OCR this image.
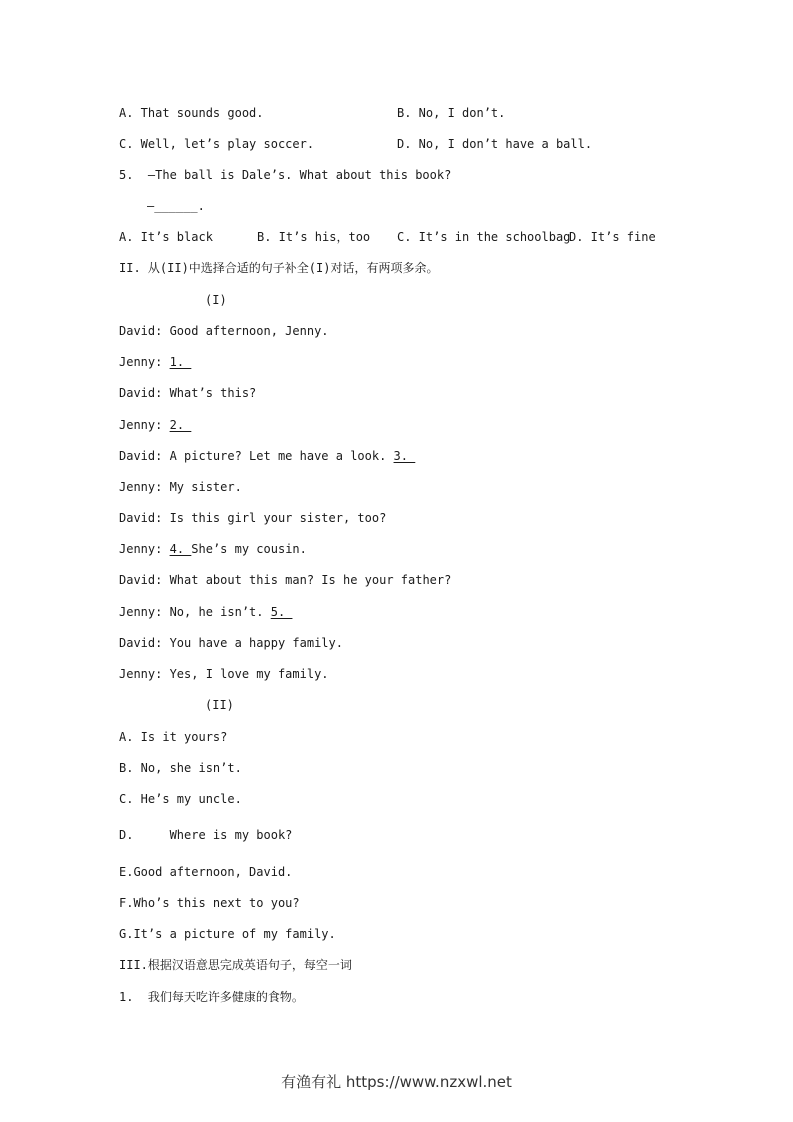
A. That sounds good.	B. No, I don’t.
C. Well, let’s play soccer.	D. No, I don’t have a ball.
5.  —The ball is Dale’s. What about this book?
—______.
A. It’s black	B. It’s his，too C. It’s in the schoolbag
D. It’s fine
II. 从(II)中选择合适的句子补全(I)对话，有两项多余。
(I)
David: Good afternoon, Jenny.
Jenny: 1._
David: What’s this?
Jenny: 2._
David: A picture? Let me have a look. 3._
Jenny: My sister.
David: Is this girl your sister, too?
Jenny: 4._She’s my cousin.
David: What about this man? Is he your father?
Jenny: No, he isn’t. 5._
David: You have a happy family.
Jenny: Yes, I love my family.
(II)
A. Is it yours?
B. No, she isn’t.
C. He’s my uncle.
D.     Where is my book?
E.Good afternoon, David.
F.Who’s this next to you?
G.It’s a picture of my family.
III.根据汉语意思完成英语句子，每空一词
1.  我们每天吃许多健康的食物。
有渔有礼 https://www.nzxwl.net
